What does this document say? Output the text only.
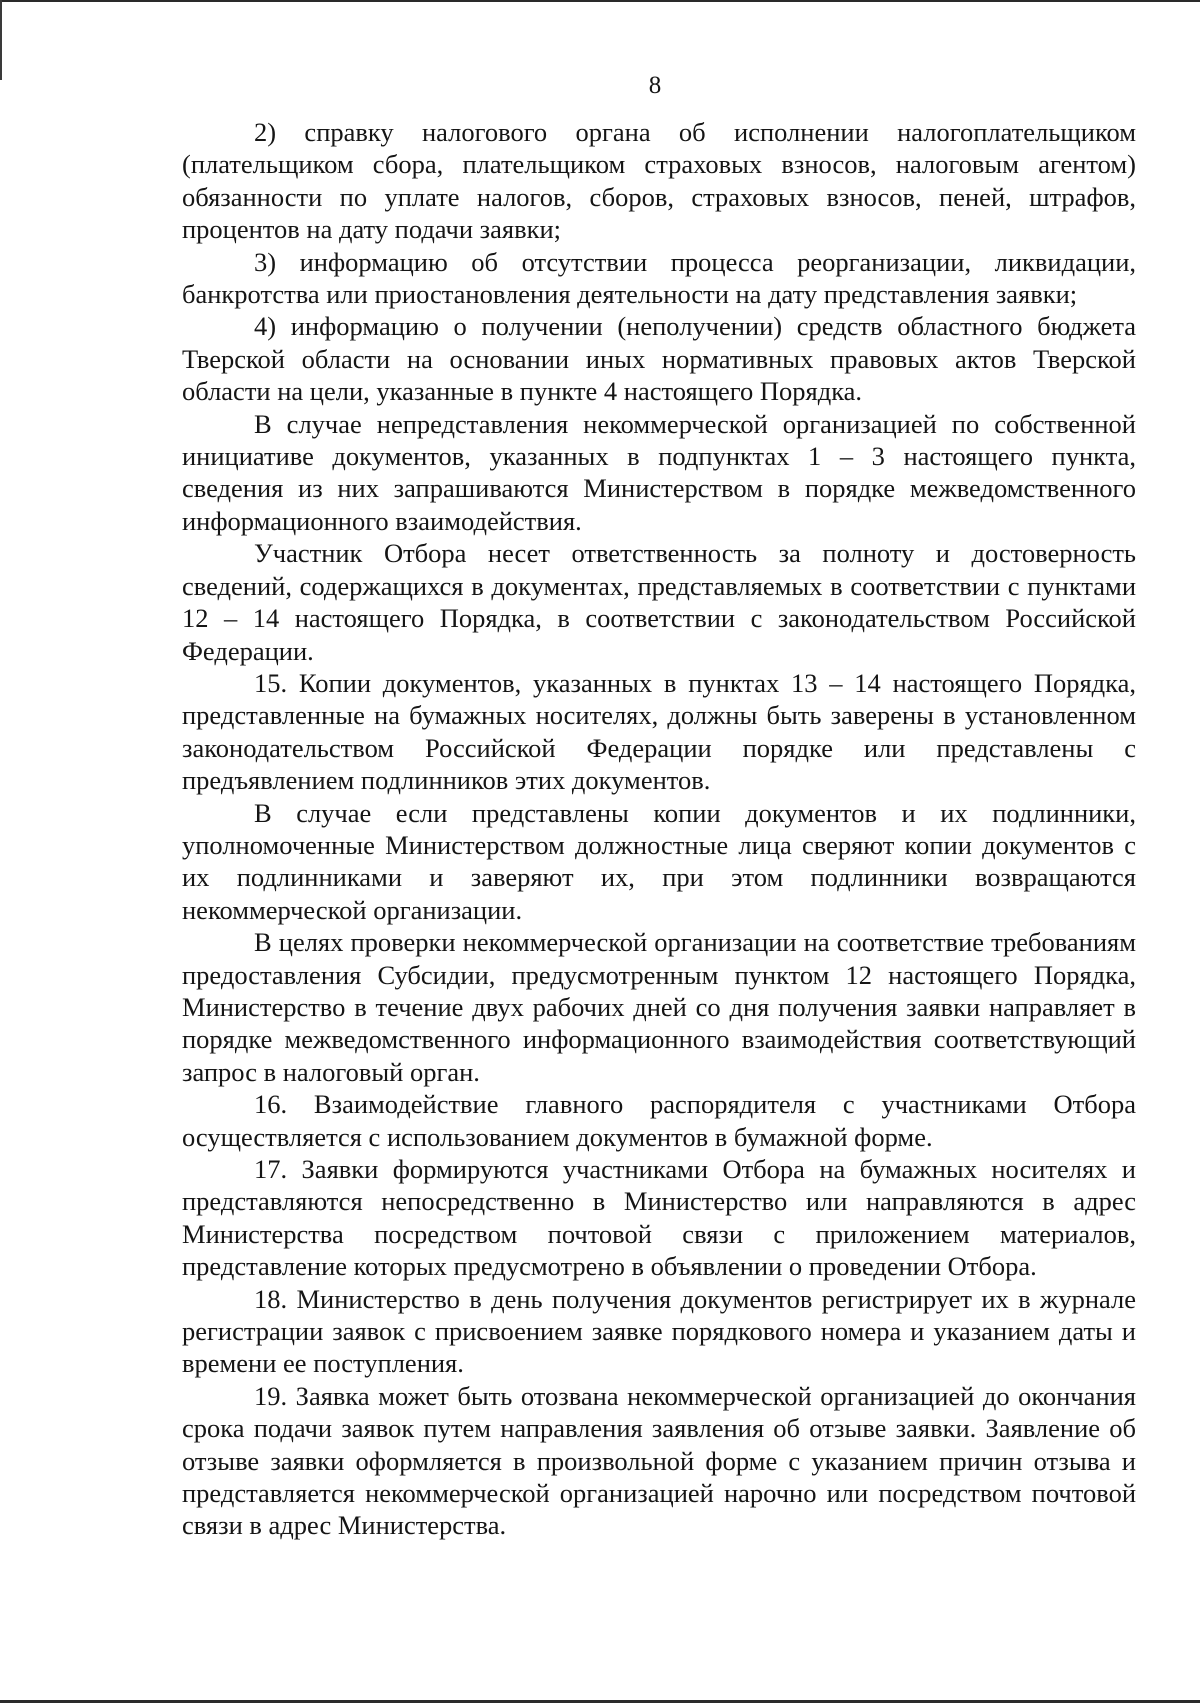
8

2) справку налогового органа об исполнении налогоплательщиком (плательщиком сбора, плательщиком страховых взносов, налоговым агентом) обязанности по уплате налогов, сборов, страховых взносов, пеней, штрафов, процентов на дату подачи заявки;

3) информацию об отсутствии процесса реорганизации, ликвидации, банкротства или приостановления деятельности на дату представления заявки;

4) информацию о получении (неполучении) средств областного бюджета Тверской области на основании иных нормативных правовых актов Тверской области на цели, указанные в пункте 4 настоящего Порядка.

В случае непредставления некоммерческой организацией по собственной инициативе документов, указанных в подпунктах 1 – 3 настоящего пункта, сведения из них запрашиваются Министерством в порядке межведомственного информационного взаимодействия.

Участник Отбора несет ответственность за полноту и достоверность сведений, содержащихся в документах, представляемых в соответствии с пунктами 12 – 14 настоящего Порядка, в соответствии с законодательством Российской Федерации.

15. Копии документов, указанных в пунктах 13 – 14 настоящего Порядка, представленные на бумажных носителях, должны быть заверены в установленном законодательством Российской Федерации порядке или представлены с предъявлением подлинников этих документов.

В случае если представлены копии документов и их подлинники, уполномоченные Министерством должностные лица сверяют копии документов с их подлинниками и заверяют их, при этом подлинники возвращаются некоммерческой организации.

В целях проверки некоммерческой организации на соответствие требованиям предоставления Субсидии, предусмотренным пунктом 12 настоящего Порядка, Министерство в течение двух рабочих дней со дня получения заявки направляет в порядке межведомственного информационного взаимодействия соответствующий запрос в налоговый орган.

16. Взаимодействие главного распорядителя с участниками Отбора осуществляется с использованием документов в бумажной форме.

17. Заявки формируются участниками Отбора на бумажных носителях и представляются непосредственно в Министерство или направляются в адрес Министерства посредством почтовой связи с приложением материалов, представление которых предусмотрено в объявлении о проведении Отбора.

18. Министерство в день получения документов регистрирует их в журнале регистрации заявок с присвоением заявке порядкового номера и указанием даты и времени ее поступления.

19. Заявка может быть отозвана некоммерческой организацией до окончания срока подачи заявок путем направления заявления об отзыве заявки. Заявление об отзыве заявки оформляется в произвольной форме с указанием причин отзыва и представляется некоммерческой организацией нарочно или посредством почтовой связи в адрес Министерства.
